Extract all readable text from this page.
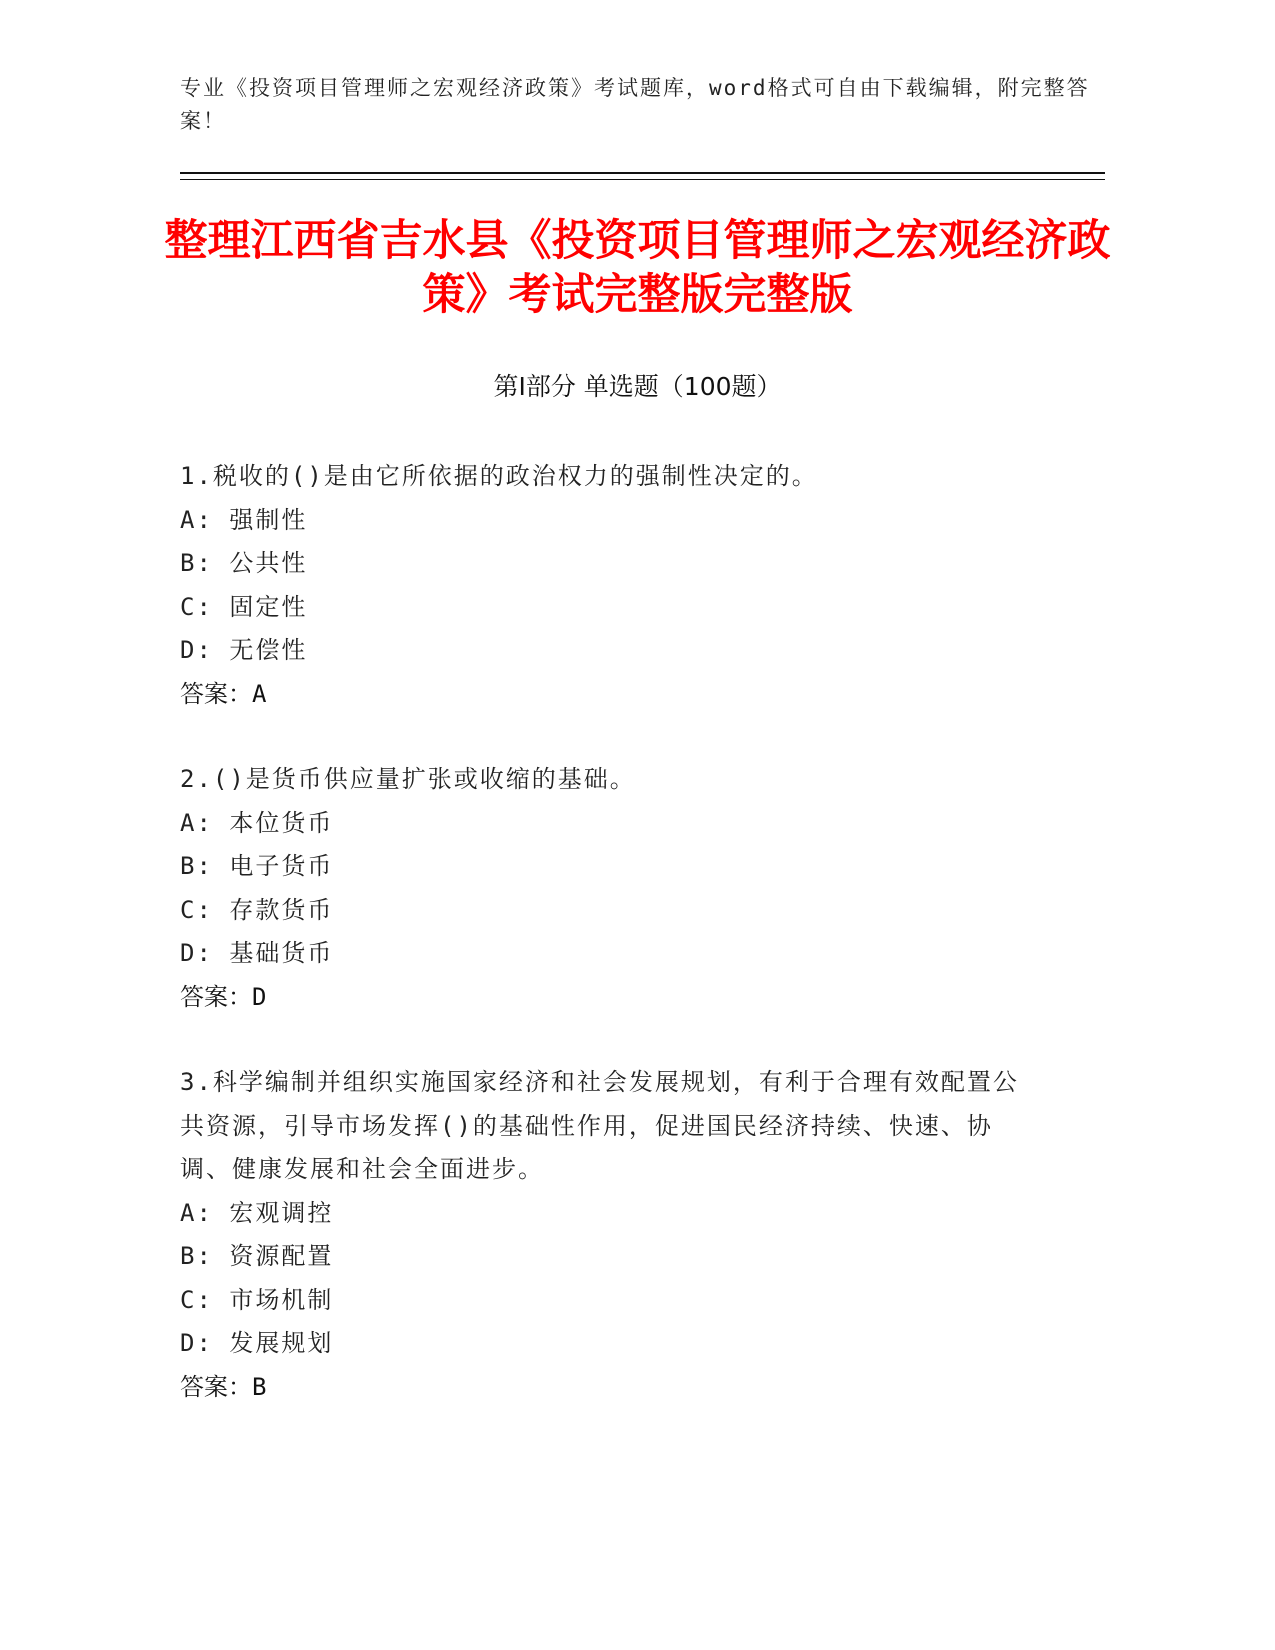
专业《投资项目管理师之宏观经济政策》考试题库，word格式可自由下载编辑，附完整答案！
整理江西省吉水县《投资项目管理师之宏观经济政策》考试完整版完整版
第Ⅰ部分 单选题（100题）
1.税收的()是由它所依据的政治权力的强制性决定的。
A: 强制性
B: 公共性
C: 固定性
D: 无偿性
答案：A
2.()是货币供应量扩张或收缩的基础。
A: 本位货币
B: 电子货币
C: 存款货币
D: 基础货币
答案：D
3.科学编制并组织实施国家经济和社会发展规划，有利于合理有效配置公共资源，引导市场发挥()的基础性作用，促进国民经济持续、快速、协调、健康发展和社会全面进步。
A: 宏观调控
B: 资源配置
C: 市场机制
D: 发展规划
答案：B
